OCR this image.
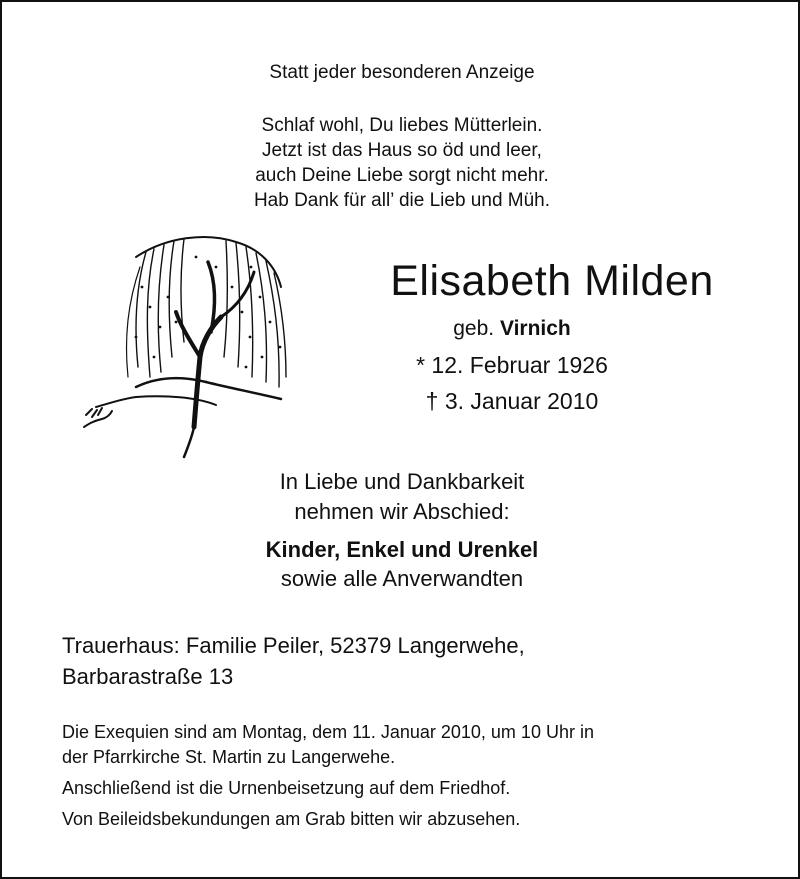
Statt jeder besonderen Anzeige
Schlaf wohl, Du liebes Mütterlein.
Jetzt ist das Haus so öd und leer,
auch Deine Liebe sorgt nicht mehr.
Hab Dank für all’ die Lieb und Müh.
Elisabeth Milden
geb. Virnich
* 12. Februar 1926
† 3. Januar 2010
In Liebe und Dankbarkeit
nehmen wir Abschied:
Kinder, Enkel und Urenkel
sowie alle Anverwandten
Trauerhaus: Familie Peiler, 52379 Langerwehe,
Barbarastraße 13

Die Exequien sind am Montag, dem 11. Januar 2010, um 10 Uhr in
der Pfarrkirche St. Martin zu Langerwehe.

Anschließend ist die Urnenbeisetzung auf dem Friedhof.

Von Beileidsbekundungen am Grab bitten wir abzusehen.
